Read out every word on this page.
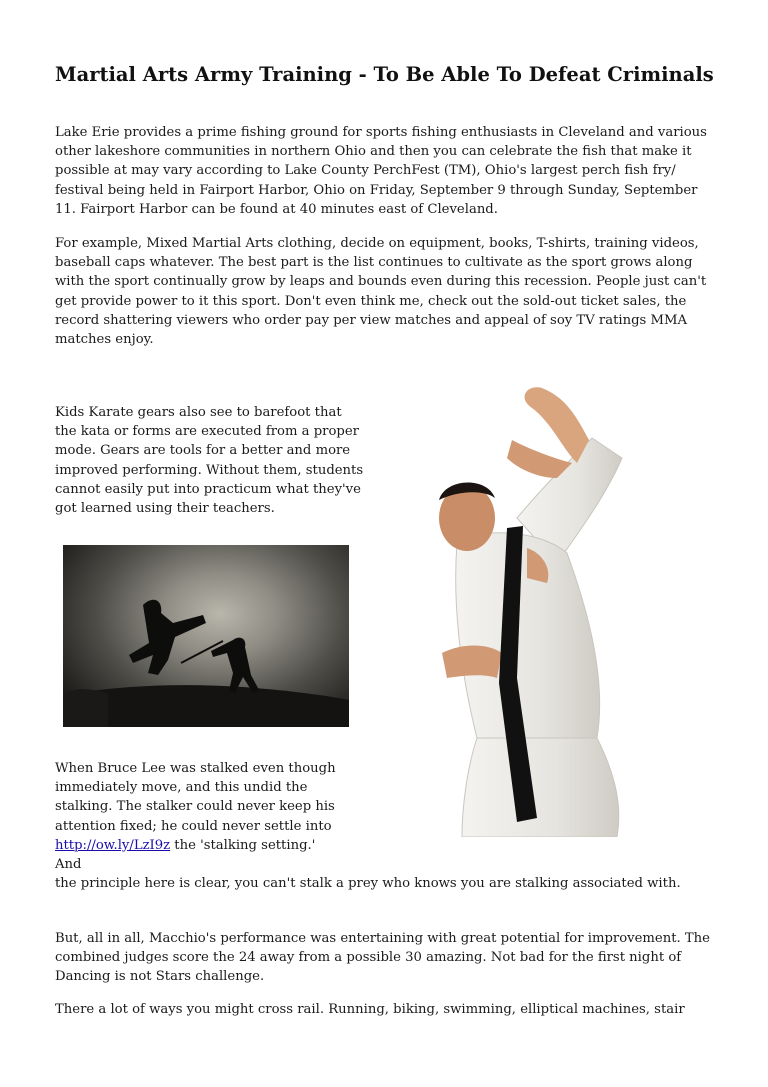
Martial Arts Army Training - To Be Able To Defeat Criminals

Lake Erie provides a prime fishing ground for sports fishing enthusiasts in Cleveland and various other lakeshore communities in northern Ohio and then you can celebrate the fish that make it possible at may vary according to Lake County PerchFest (TM), Ohio's largest perch fish fry/ festival being held in Fairport Harbor, Ohio on Friday, September 9 through Sunday, September 11. Fairport Harbor can be found at 40 minutes east of Cleveland.

For example, Mixed Martial Arts clothing, decide on equipment, books, T-shirts, training videos, baseball caps whatever. The best part is the list continues to cultivate as the sport grows along with the sport continually grow by leaps and bounds even during this recession. People just can't get provide power to it this sport. Don't even think me, check out the sold-out ticket sales, the record shattering viewers who order pay per view matches and appeal of soy TV ratings MMA matches enjoy.

Kids Karate gears also see to barefoot that the kata or forms are executed from a proper mode. Gears are tools for a better and more improved performing. Without them, students cannot easily put into practicum what they've got learned using their teachers.

When Bruce Lee was stalked even though immediately move, and this undid the stalking. The stalker could never keep his attention fixed; he could never settle into
http://ow.ly/LzI9z the 'stalking setting.' And
the principle here is clear, you can't stalk a prey who knows you are stalking associated with.

But, all in all, Macchio's performance was entertaining with great potential for improvement. The combined judges score the 24 away from a possible 30 amazing. Not bad for the first night of Dancing is not Stars challenge.

There a lot of ways you might cross rail. Running, biking, swimming, elliptical machines, stair
